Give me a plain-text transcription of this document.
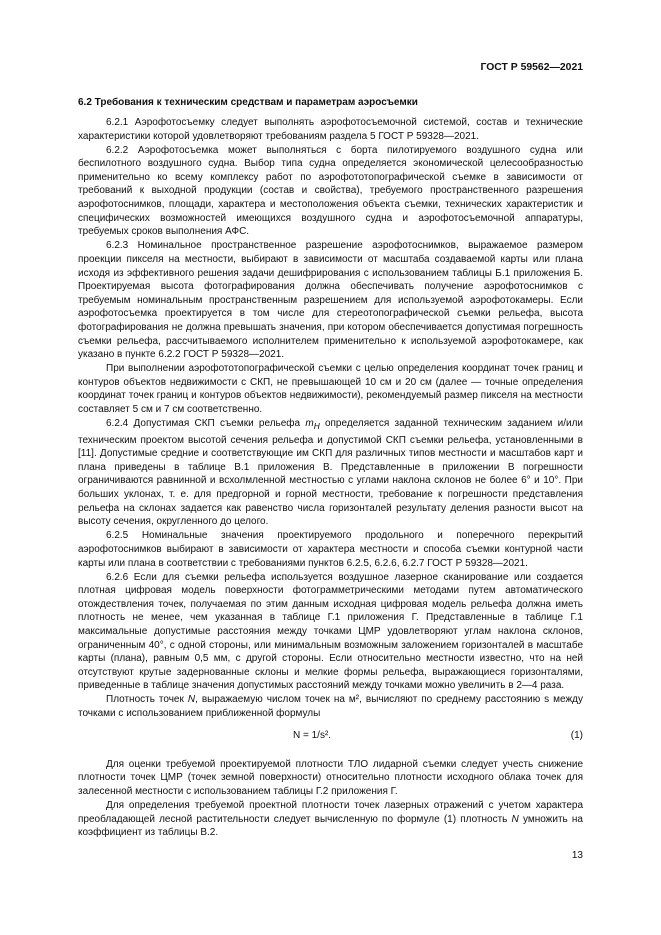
ГОСТ Р 59562—2021
6.2 Требования к техническим средствам и параметрам аэросъемки

6.2.1 Аэрофотосъемку следует выполнять аэрофотосъемочной системой, состав и технические характеристики которой удовлетворяют требованиям раздела 5 ГОСТ Р 59328—2021.

6.2.2 Аэрофотосъемка может выполняться с борта пилотируемого воздушного судна или беспилотного воздушного судна. Выбор типа судна определяется экономической целесообразностью применительно ко всему комплексу работ по аэрофототопографической съемке в зависимости от требований к выходной продукции (состав и свойства), требуемого пространственного разрешения аэрофотоснимков, площади, характера и местоположения объекта съемки, технических характеристик и специфических возможностей имеющихся воздушного судна и аэрофотосъемочной аппаратуры, требуемых сроков выполнения АФС.

6.2.3 Номинальное пространственное разрешение аэрофотоснимков, выражаемое размером проекции пикселя на местности, выбирают в зависимости от масштаба создаваемой карты или плана исходя из эффективного решения задачи дешифрирования с использованием таблицы Б.1 приложения Б. Проектируемая высота фотографирования должна обеспечивать получение аэрофотоснимков с требуемым номинальным пространственным разрешением для используемой аэрофотокамеры. Если аэрофотосъемка проектируется в том числе для стереотопографической съемки рельефа, высота фотографирования не должна превышать значения, при котором обеспечивается допустимая погрешность съемки рельефа, рассчитываемого исполнителем применительно к используемой аэрофотокамере, как указано в пункте 6.2.2 ГОСТ Р 59328—2021.

При выполнении аэрофототопографической съемки с целью определения координат точек границ и контуров объектов недвижимости с СКП, не превышающей 10 см и 20 см (далее — точные определения координат точек границ и контуров объектов недвижимости), рекомендуемый размер пикселя на местности составляет 5 см и 7 см соответственно.

6.2.4 Допустимая СКП съемки рельефа $m_H$ определяется заданной техническим заданием и/или техническим проектом высотой сечения рельефа и допустимой СКП съемки рельефа, установленными в [11]. Допустимые средние и соответствующие им СКП для различных типов местности и масштабов карт и плана приведены в таблице В.1 приложения В. Представленные в приложении В погрешности ограничиваются равнинной и всхолмленной местностью с углами наклона склонов не более 6° и 10°. При больших уклонах, т. е. для предгорной и горной местности, требование к погрешности представления рельефа на склонах задается как равенство числа горизонталей результату деления разности высот на высоту сечения, округленного до целого.

6.2.5 Номинальные значения проектируемого продольного и поперечного перекрытий аэрофотоснимков выбирают в зависимости от характера местности и способа съемки контурной части карты или плана в соответствии с требованиями пунктов 6.2.5, 6.2.6, 6.2.7 ГОСТ Р 59328—2021.

6.2.6 Если для съемки рельефа используется воздушное лазерное сканирование или создается плотная цифровая модель поверхности фотограмметрическими методами путем автоматического отождествления точек, получаемая по этим данным исходная цифровая модель рельефа должна иметь плотность не менее, чем указанная в таблице Г.1 приложения Г. Представленные в таблице Г.1 максимальные допустимые расстояния между точками ЦМР удовлетворяют углам наклона склонов, ограниченным 40°, с одной стороны, или минимальным возможным заложением горизонталей в масштабе карты (плана), равным 0,5 мм, с другой стороны. Если относительно местности известно, что на ней отсутствуют крутые задернованные склоны и мелкие формы рельефа, выражающиеся горизонталями, приведенные в таблице значения допустимых расстояний между точками можно увеличить в 2—4 раза.

Плотность точек N, выражаемую числом точек на м², вычисляют по среднему расстоянию s между точками с использованием приближенной формулы

N = 1/s².	(1)

Для оценки требуемой проектируемой плотности ТЛО лидарной съемки следует учесть снижение плотности точек ЦМР (точек земной поверхности) относительно плотности исходного облака точек для залесенной местности с использованием таблицы Г.2 приложения Г.

Для определения требуемой проектной плотности точек лазерных отражений с учетом характера преобладающей лесной растительности следует вычисленную по формуле (1) плотность N умножить на коэффициент из таблицы В.2.

13
